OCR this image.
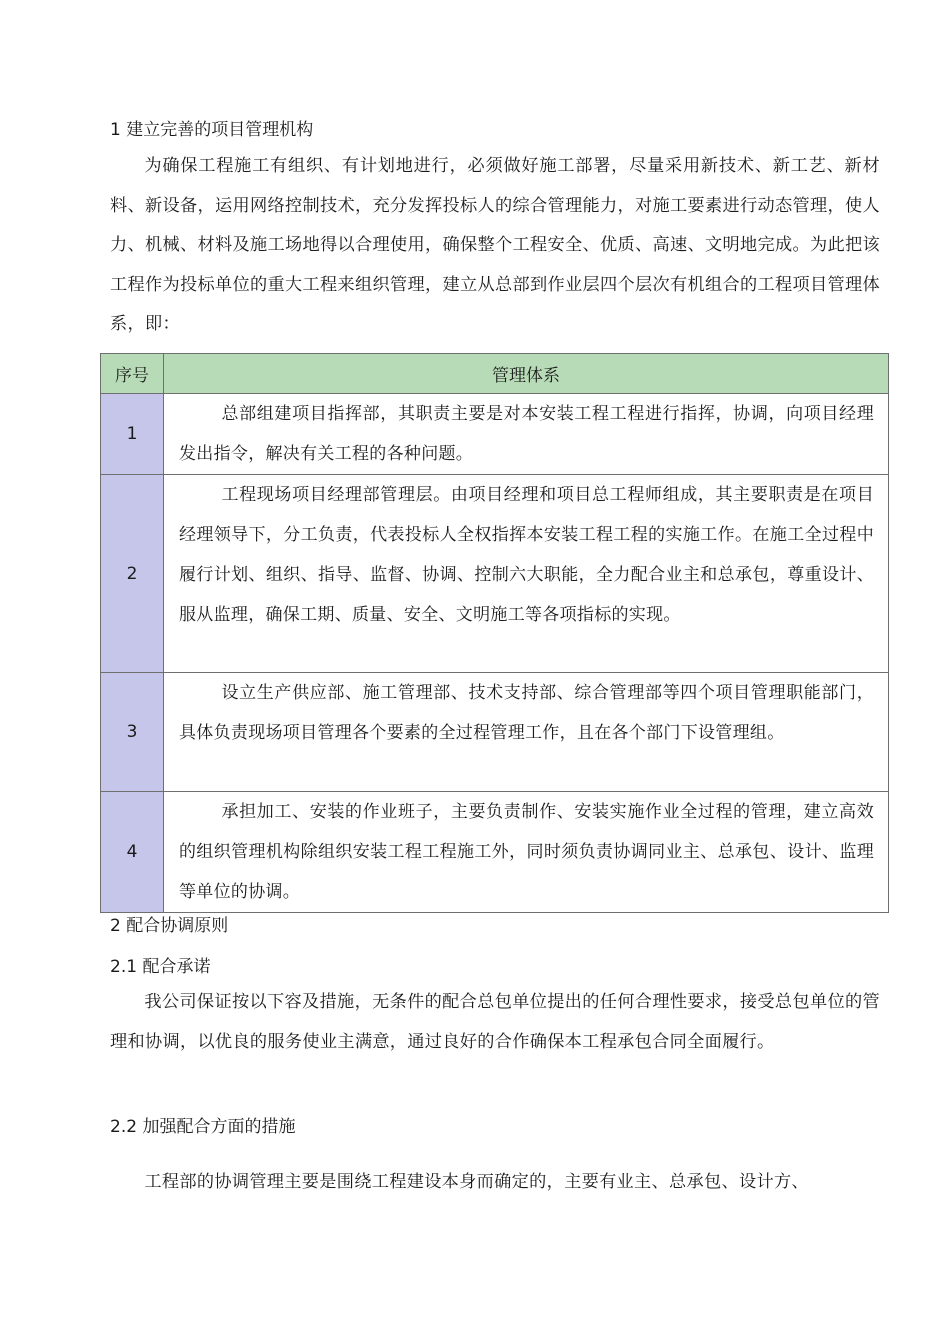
1 建立完善的项目管理机构
为确保工程施工有组织、有计划地进行，必须做好施工部署，尽量采用新技术、新工艺、新材料、新设备，运用网络控制技术，充分发挥投标人的综合管理能力，对施工要素进行动态管理，使人力、机械、材料及施工场地得以合理使用，确保整个工程安全、优质、高速、文明地完成。为此把该工程作为投标单位的重大工程来组织管理，建立从总部到作业层四个层次有机组合的工程项目管理体系，即：
序号	管理体系
1	总部组建项目指挥部，其职责主要是对本安装工程工程进行指挥，协调，向项目经理发出指令，解决有关工程的各种问题。
2	工程现场项目经理部管理层。由项目经理和项目总工程师组成，其主要职责是在项目经理领导下，分工负责，代表投标人全权指挥本安装工程工程的实施工作。在施工全过程中履行计划、组织、指导、监督、协调、控制六大职能，全力配合业主和总承包，尊重设计、服从监理，确保工期、质量、安全、文明施工等各项指标的实现。
3	设立生产供应部、施工管理部、技术支持部、综合管理部等四个项目管理职能部门，具体负责现场项目管理各个要素的全过程管理工作，且在各个部门下设管理组。
4	承担加工、安装的作业班子，主要负责制作、安装实施作业全过程的管理，建立高效的组织管理机构除组织安装工程工程施工外，同时须负责协调同业主、总承包、设计、监理等单位的协调。
2 配合协调原则
2.1 配合承诺
我公司保证按以下容及措施，无条件的配合总包单位提出的任何合理性要求，接受总包单位的管理和协调，以优良的服务使业主满意，通过良好的合作确保本工程承包合同全面履行。
2.2 加强配合方面的措施
工程部的协调管理主要是围绕工程建设本身而确定的，主要有业主、总承包、设计方、
